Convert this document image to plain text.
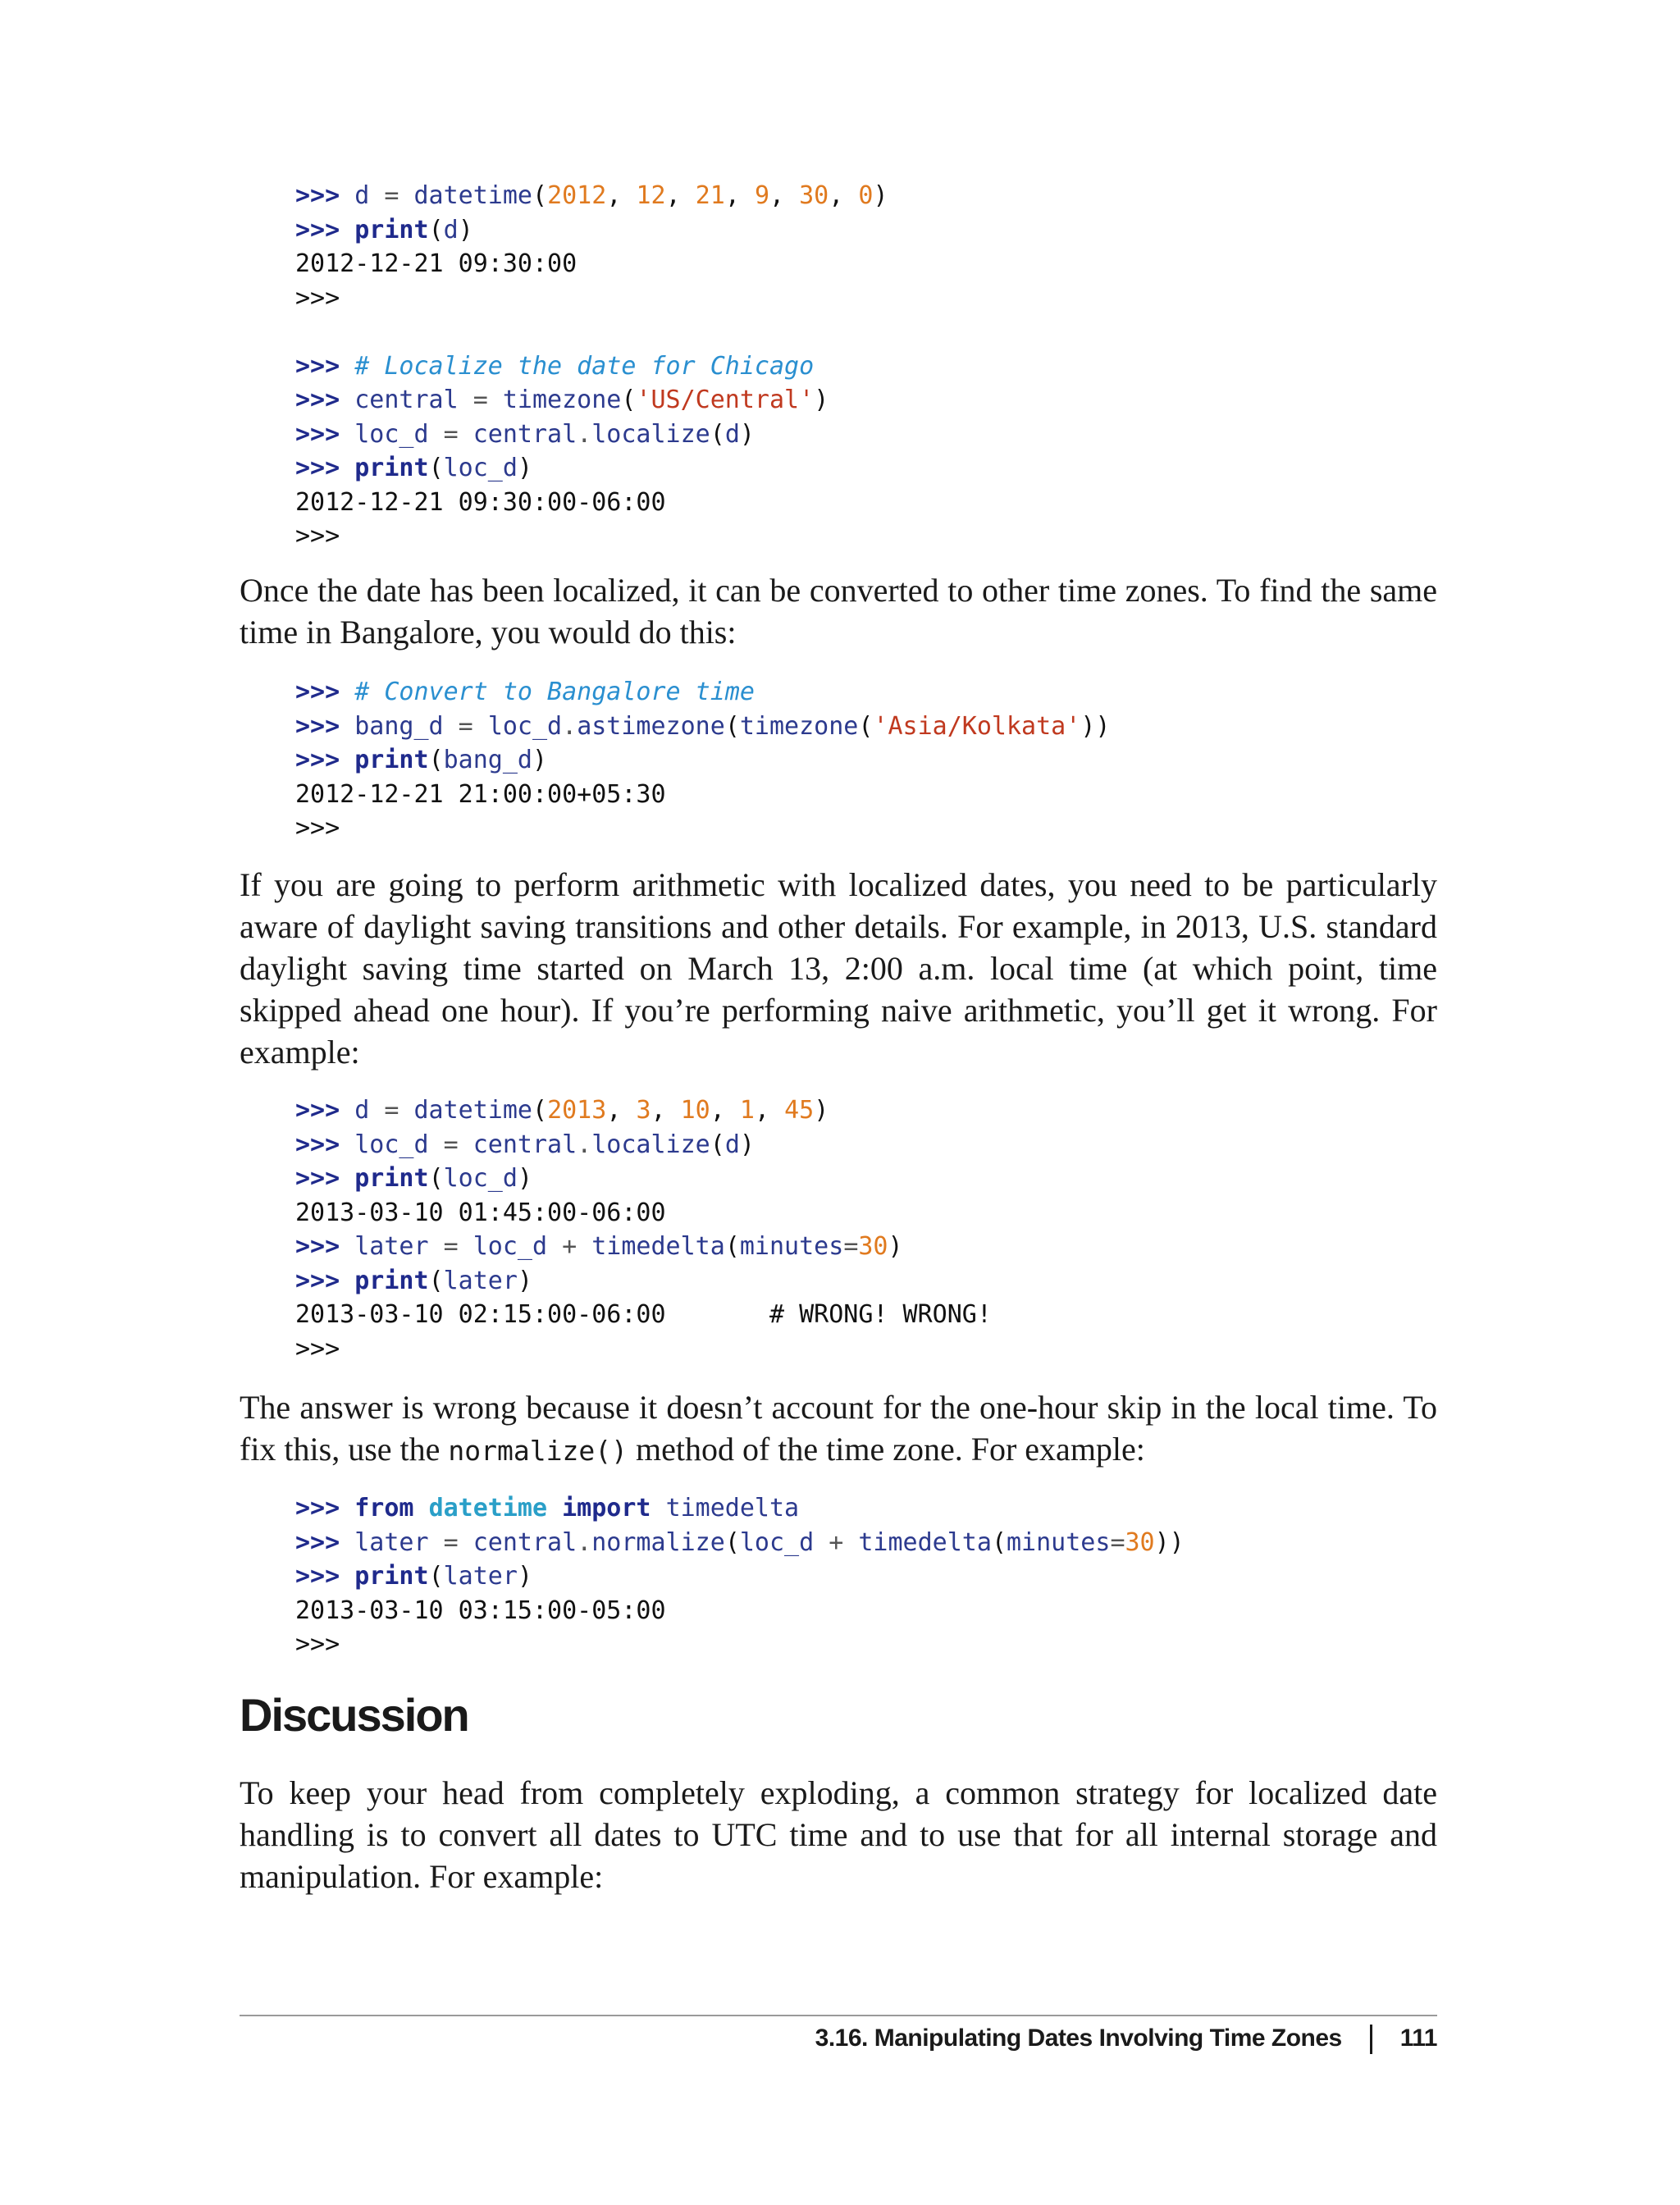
>>> d = datetime(2012, 12, 21, 9, 30, 0)
>>> print(d)
2012-12-21 09:30:00
>>>
>>> # Localize the date for Chicago
>>> central = timezone('US/Central')
>>> loc_d = central.localize(d)
>>> print(loc_d)
2012-12-21 09:30:00-06:00
>>>

Once the date has been localized, it can be converted to other time zones. To find the same time in Bangalore, you would do this:

>>> # Convert to Bangalore time
>>> bang_d = loc_d.astimezone(timezone('Asia/Kolkata'))
>>> print(bang_d)
2012-12-21 21:00:00+05:30
>>>

If you are going to perform arithmetic with localized dates, you need to be particularly aware of daylight saving transitions and other details. For example, in 2013, U.S. standard daylight saving time started on March 13, 2:00 a.m. local time (at which point, time skipped ahead one hour). If you’re performing naive arithmetic, you’ll get it wrong. For example:

>>> d = datetime(2013, 3, 10, 1, 45)
>>> loc_d = central.localize(d)
>>> print(loc_d)
2013-03-10 01:45:00-06:00
>>> later = loc_d + timedelta(minutes=30)
>>> print(later)
2013-03-10 02:15:00-06:00       # WRONG! WRONG!
>>>

The answer is wrong because it doesn’t account for the one-hour skip in the local time. To fix this, use the normalize() method of the time zone. For example:

>>> from datetime import timedelta
>>> later = central.normalize(loc_d + timedelta(minutes=30))
>>> print(later)
2013-03-10 03:15:00-05:00
>>>
Discussion

To keep your head from completely exploding, a common strategy for localized date handling is to convert all dates to UTC time and to use that for all internal storage and manipulation. For example:

3.16. Manipulating Dates Involving Time Zones 111
